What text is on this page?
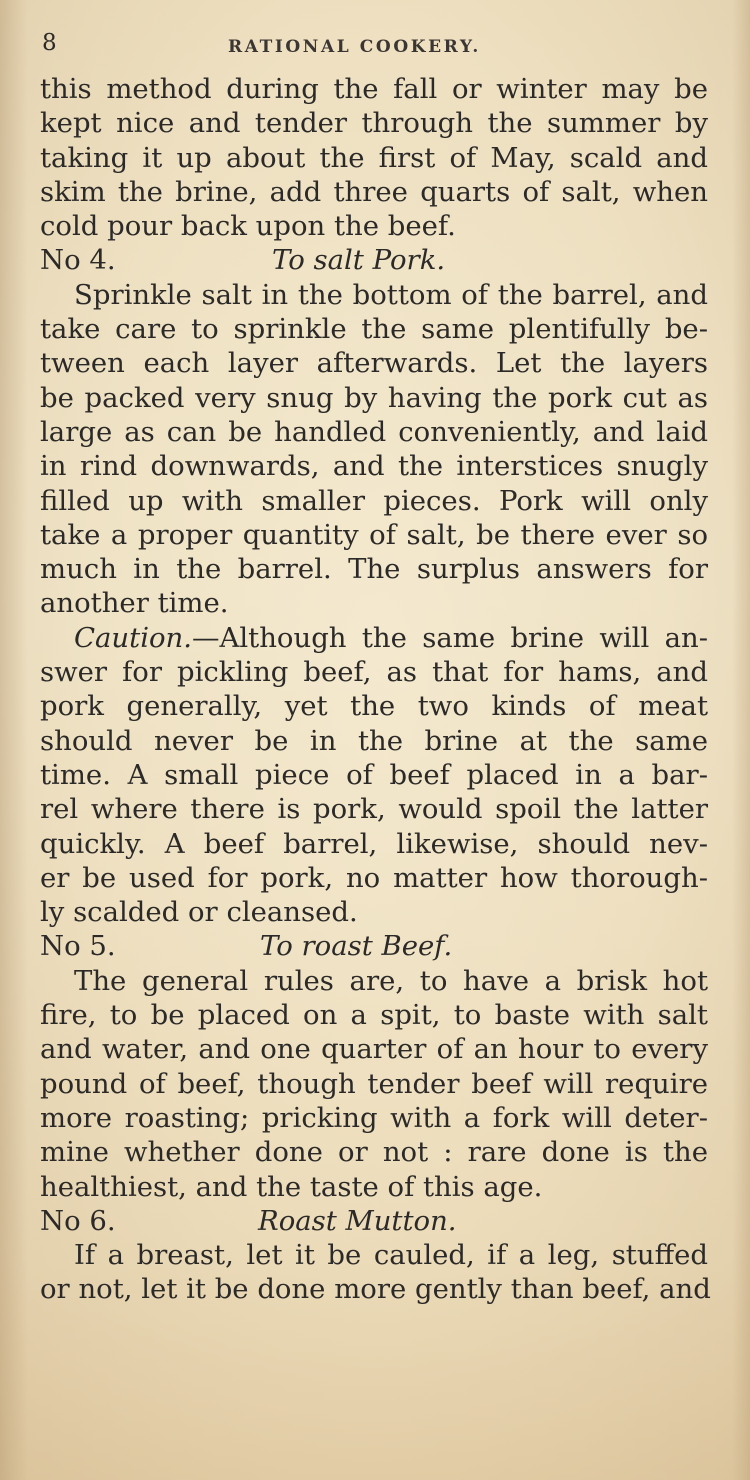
8	RATIONAL COOKERY.
this method during the fall or winter may be
kept nice and tender through the summer by
taking it up about the first of May, scald and
skim the brine, add three quarts of salt, when
cold pour back upon the beef.
No 4.	To salt Pork.
Sprinkle salt in the bottom of the barrel, and
take care to sprinkle the same plentifully be-
tween each layer afterwards. Let the layers
be packed very snug by having the pork cut as
large as can be handled conveniently, and laid
in rind downwards, and the interstices snugly
filled up with smaller pieces. Pork will only
take a proper quantity of salt, be there ever so
much in the barrel. The surplus answers for
another time.
Caution.—Although the same brine will an-
swer for pickling beef, as that for hams, and
pork generally, yet the two kinds of meat
should never be in the brine at the same
time. A small piece of beef placed in a bar-
rel where there is pork, would spoil the latter
quickly. A beef barrel, likewise, should nev-
er be used for pork, no matter how thorough-
ly scalded or cleansed.
No 5.	To roast Beef.
The general rules are, to have a brisk hot
fire, to be placed on a spit, to baste with salt
and water, and one quarter of an hour to every
pound of beef, though tender beef will require
more roasting; pricking with a fork will deter-
mine whether done or not : rare done is the
healthiest, and the taste of this age.
No 6.	Roast Mutton.
If a breast, let it be cauled, if a leg, stuffed
or not, let it be done more gently than beef, and
